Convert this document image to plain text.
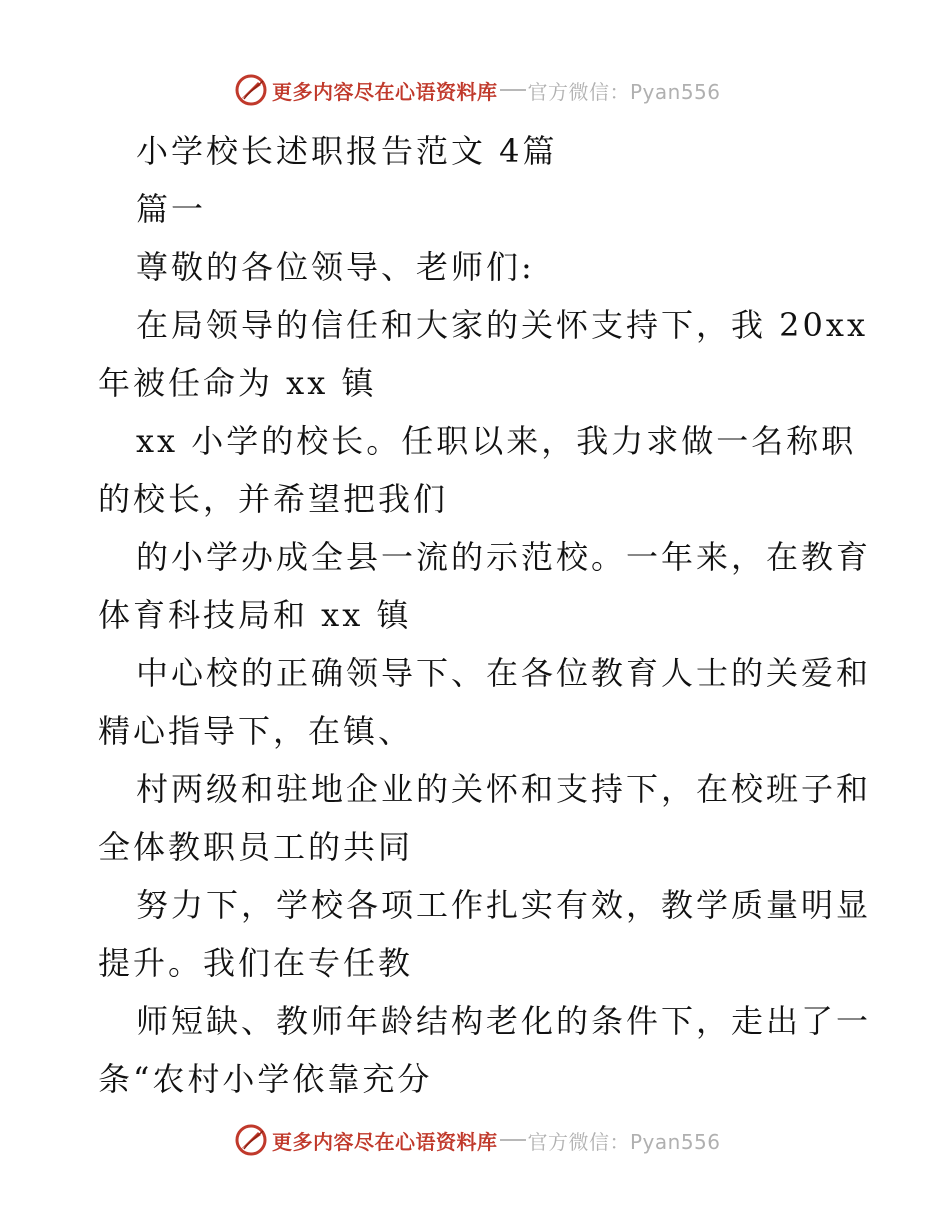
更多内容尽在心语资料库 官方微信：Pyan556
小学校长述职报告范文 4篇
篇一
尊敬的各位领导、老师们:
在局领导的信任和大家的关怀支持下，我 20xx
年被任命为 xx 镇
xx 小学的校长。任职以来，我力求做一名称职
的校长，并希望把我们
的小学办成全县一流的示范校。一年来，在教育
体育科技局和 xx 镇
中心校的正确领导下、在各位教育人士的关爱和
精心指导下，在镇、
村两级和驻地企业的关怀和支持下，在校班子和
全体教职员工的共同
努力下，学校各项工作扎实有效，教学质量明显
提升。我们在专任教
师短缺、教师年龄结构老化的条件下，走出了一
条“农村小学依靠充分
更多内容尽在心语资料库 官方微信：Pyan556
